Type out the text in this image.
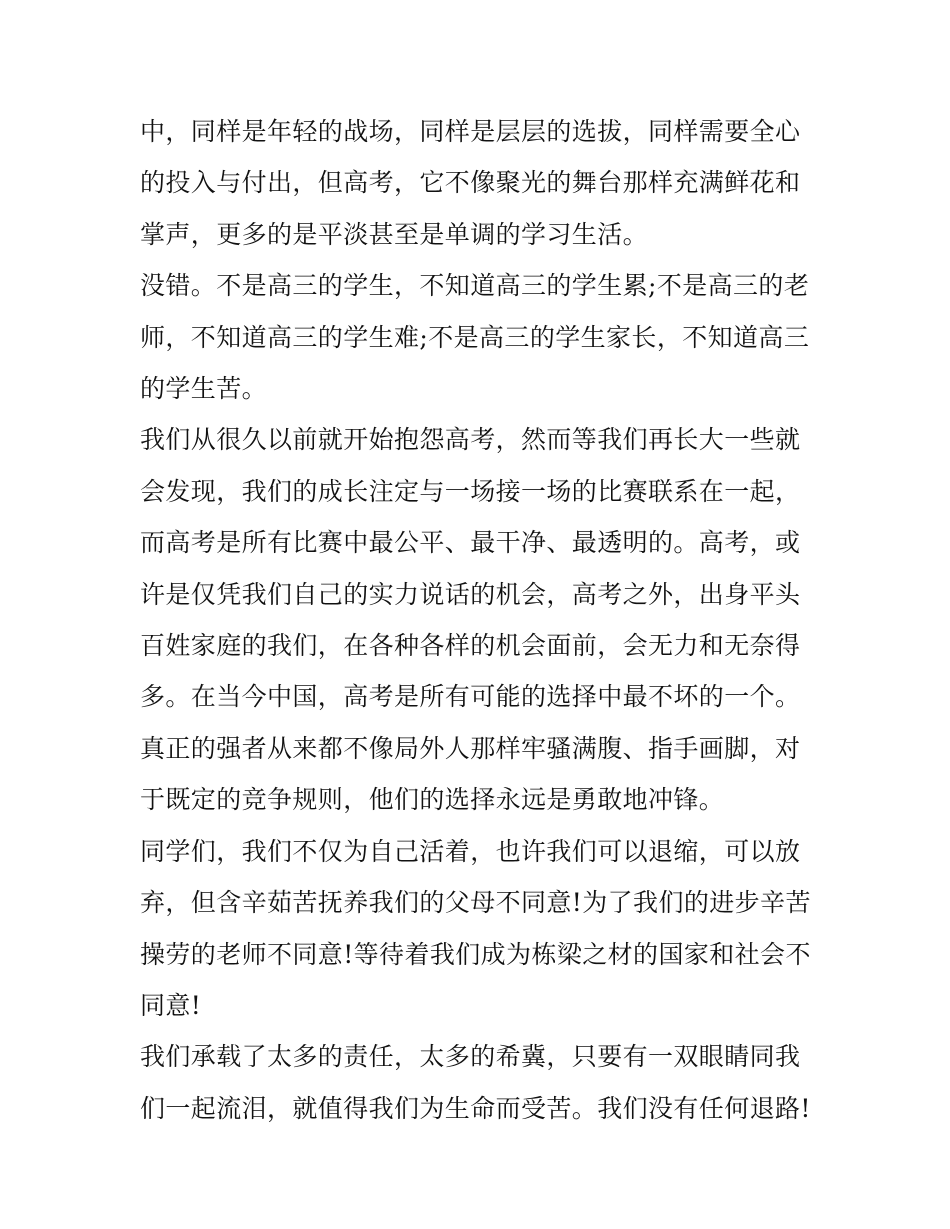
中，同样是年轻的战场，同样是层层的选拔，同样需要全心的投入与付出，但高考，它不像聚光的舞台那样充满鲜花和掌声，更多的是平淡甚至是单调的学习生活。

没错。不是高三的学生，不知道高三的学生累;不是高三的老师，不知道高三的学生难;不是高三的学生家长，不知道高三的学生苦。

我们从很久以前就开始抱怨高考，然而等我们再长大一些就会发现，我们的成长注定与一场接一场的比赛联系在一起，而高考是所有比赛中最公平、最干净、最透明的。高考，或许是仅凭我们自己的实力说话的机会，高考之外，出身平头百姓家庭的我们，在各种各样的机会面前，会无力和无奈得多。在当今中国，高考是所有可能的选择中最不坏的一个。真正的强者从来都不像局外人那样牢骚满腹、指手画脚，对于既定的竞争规则，他们的选择永远是勇敢地冲锋。

同学们，我们不仅为自己活着，也许我们可以退缩，可以放弃，但含辛茹苦抚养我们的父母不同意!为了我们的进步辛苦操劳的老师不同意!等待着我们成为栋梁之材的国家和社会不同意!

我们承载了太多的责任，太多的希冀，只要有一双眼睛同我们一起流泪，就值得我们为生命而受苦。我们没有任何退路!
